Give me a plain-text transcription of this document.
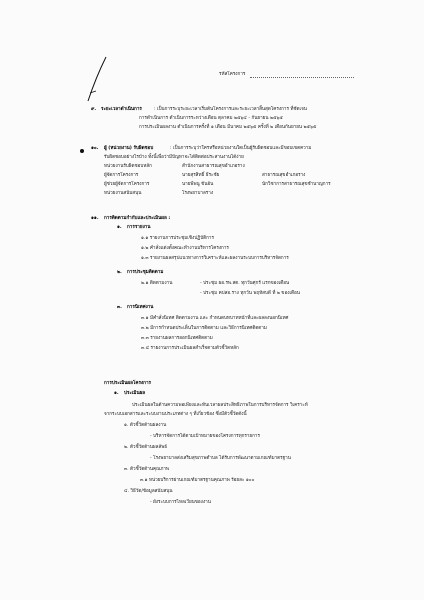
รหัสโครงการ
๙. ระยะเวลาดำเนินการ	: เป็นการระบุระยะเวลาเริ่มต้นโครงการและระยะเวลาสิ้นสุดโครงการ ที่ชัดเจน
การดำเนินการ ดำเนินการระหว่างเดือน ตุลาคม ๒๕๖๔ - กันยายน ๒๕๖๕
การประเมินผลงาน ดำเนินการครั้งที่ ๑ เดือน มีนาคม ๒๕๖๕ ครั้งที่ ๒ เดือนกันยายน ๒๕๖๕
๑๐. ผู้ (หน่วยงาน) รับผิดชอบ	: เป็นการระบุว่าใครหรือหน่วยงานใดเป็นผู้รับผิดชอบและมีขอบเขตความ
รับผิดชอบอย่างไรบ้าง ทั้งนี้เพื่อว่ามีปัญหาจะได้ติดต่อประสานงานได้ง่าย
หน่วยงานรับผิดชอบหลัก	สำนักงานสาธารณสุขอำเภอราง
ผู้จัดการโครงการ	นายสุรสิทธิ์ ธีระชัย	สาธารณสุขอำเภอราง
ผู้ช่วยผู้จัดการโครงการ	นายพีพนู ขันอ้น	นักวิชาการสาธารณสุขชำนาญการ
หน่วยงานสนับสนุน	โรงพยาบาลราง
๑๑. การติดตามกำกับและประเมินผล :
๑. การรายงาน
๑.๑ รายงานการประชุมเชิงปฏิบัติการ
๑.๒ คำสั่งแต่งตั้งคณะทำงานบริหารโครงการ
๑.๓ รายงานผลสรุปแนวทางการวิเคราะห์และผลงานระบบการบริหารจัดการ
๒. การประชุมติดตาม
๒.๑ ติดตามงาน	- ประชุม ผอ.รพ.สต. ทุกวันศุกร์ แรกของเดือน
- ประชุม คปสอ.ราง ทุกวัน พฤหัสบดี ที่ ๒ ของเดือน
๓. การนิเทศงาน
๓.๑ มีคำสั่งนิเทศ ติดตามงาน และ กำหนดบทบาทหน้าที่และผลลงนอกนิเทศ
๓.๒ มีการกำหนดประเด็นในการติดตาม และวิธีการนิเทศติดตาม
๓.๓ รายงานผลการออกนิเทศติดตาม
๓.๔ รายงานการประเมินผลสำเร็จตามตัวชี้วัดหลัก
การประเมินผลโครงการ
๑. ประเมินผล
ประเมินผลในด้านความพอเพียงและทันเวลาผลประสิทธิภาพในการบริหารจัดการ วิเคราะห์
จากระบบเอกสารและระบบงานประเภทต่าง ๆ ที่เกี่ยวข้อง ซึ่งมีตัวชี้วัดดังนี้
๑. ตัวชี้วัดด้านผลงาน
- บริหารจัดการได้ตามเป้าหมายของโครงการทุกรายการ
๒. ตัวชี้วัดด้านผลลัพธ์
- โรงพยาบาลส่งเสริมสุขภาพตำบล ได้รับการพัฒนาตามเกณฑ์มาตรฐาน
๓. ตัวชี้วัดด้านคุณภาพ
๓.๑ หน่วยบริการผ่านเกณฑ์มาตรฐานคุณภาพ ร้อยละ ๑๐๐
๔. วิธีวัด/ข้อมูลสนับสนุน
- ผังระบบการไหลเวียนของงาน
